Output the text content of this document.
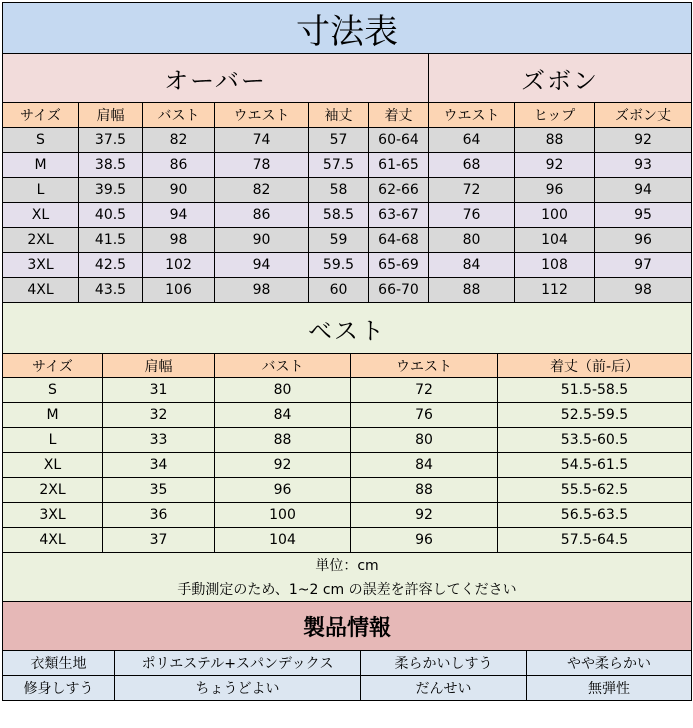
寸法表								
オーバー						ズボン		
サイズ	肩幅	バスト	ウエスト	袖丈	着丈	ウエスト	ヒップ	ズボン丈
S	37.5	82	74	57	60-64	64	88	92
M	38.5	86	78	57.5	61-65	68	92	93
L	39.5	90	82	58	62-66	72	96	94
XL	40.5	94	86	58.5	63-67	76	100	95
2XL	41.5	98	90	59	64-68	80	104	96
3XL	42.5	102	94	59.5	65-69	84	108	97
4XL	43.5	106	98	60	66-70	88	112	98
ベスト				
サイズ	肩幅	バスト	ウエスト	着丈（前-后）
S	31	80	72	51.5-58.5
M	32	84	76	52.5-59.5
L	33	88	80	53.5-60.5
XL	34	92	84	54.5-61.5
2XL	35	96	88	55.5-62.5
3XL	36	100	92	56.5-63.5
4XL	37	104	96	57.5-64.5
単位：cm				
手動測定のため、1~2 cm の誤差を許容してください				
製品情報			
衣類生地	ポリエステル+スパンデックス	柔らかいしすう	やや柔らかい
修身しすう	ちょうどよい	だんせい	無弾性
